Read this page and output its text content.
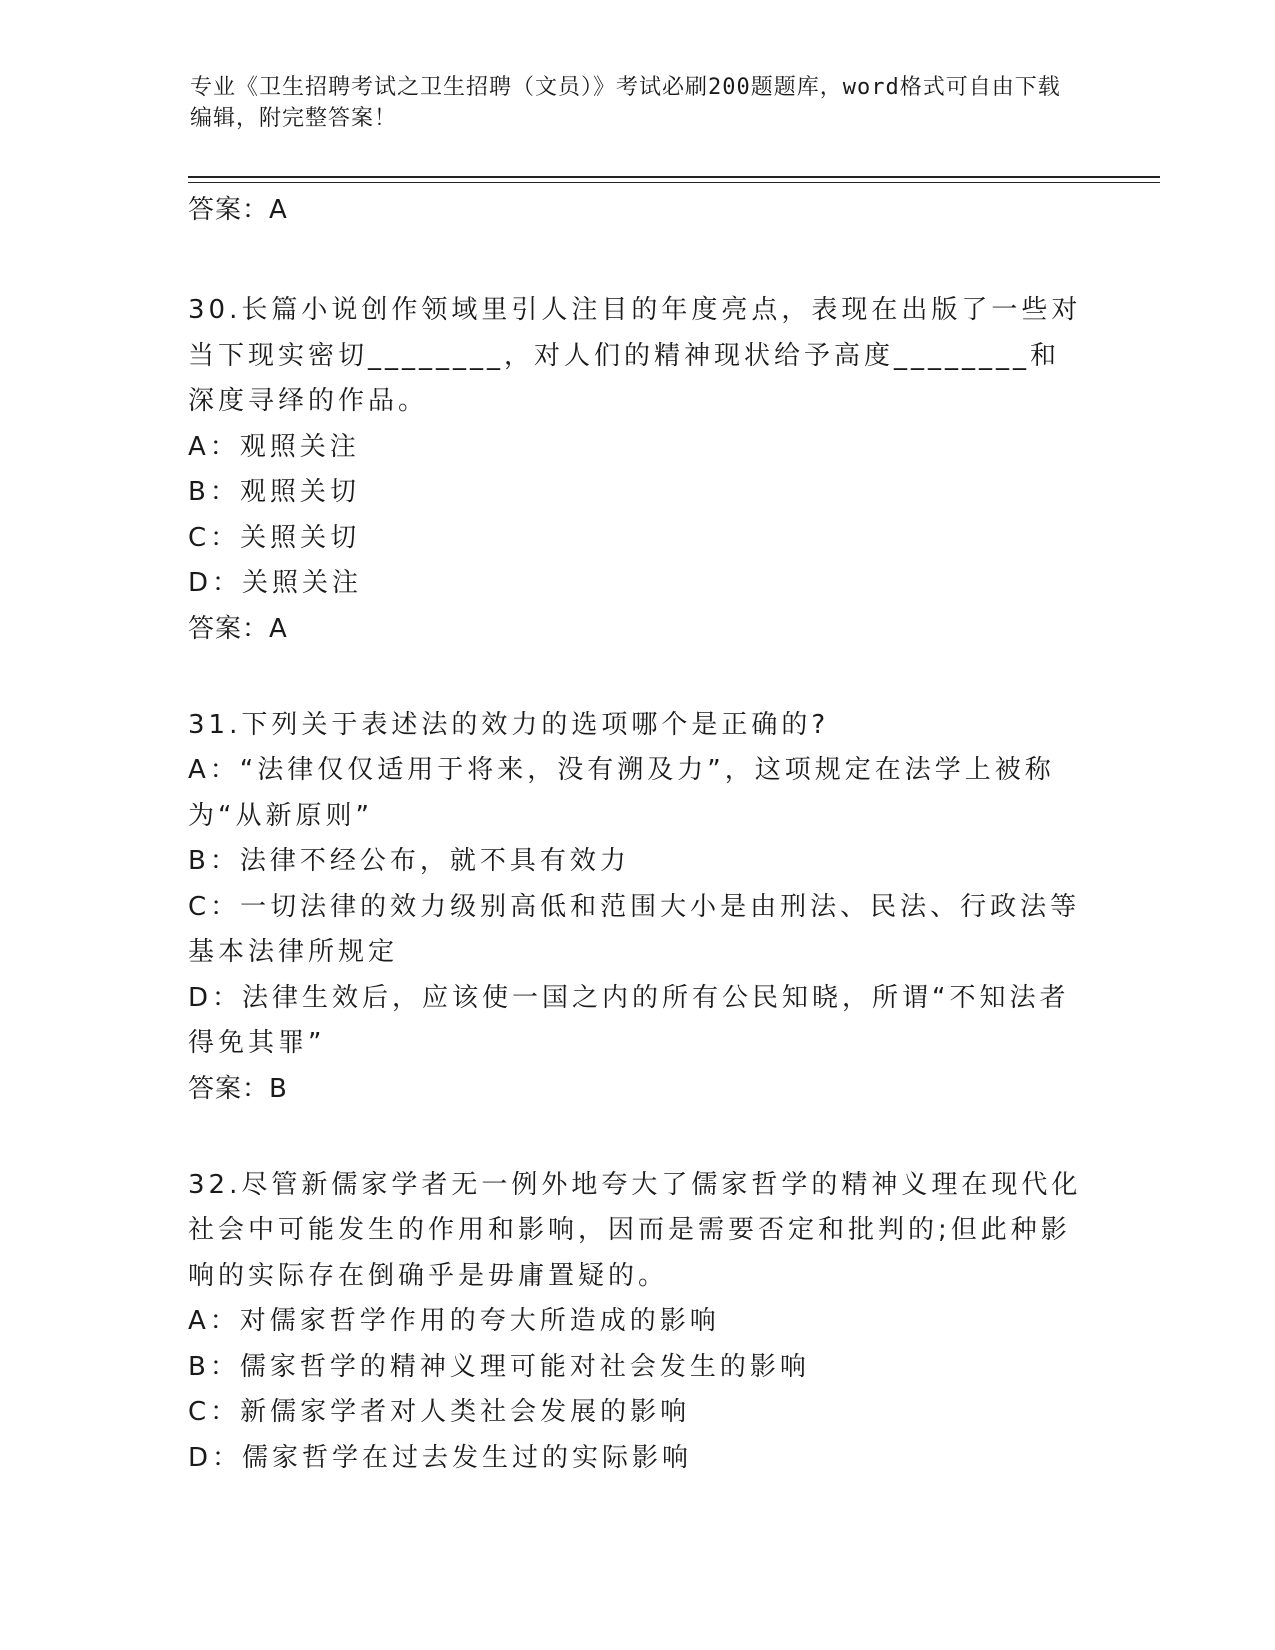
专业《卫生招聘考试之卫生招聘（文员）》考试必刷200题题库，word格式可自由下载编辑，附完整答案！
答案：A
30.长篇小说创作领域里引人注目的年度亮点，表现在出版了一些对当下现实密切________，对人们的精神现状给予高度________和深度寻绎的作品。
A：观照关注
B：观照关切
C：关照关切
D：关照关注
答案：A
31.下列关于表述法的效力的选项哪个是正确的?
A：“法律仅仅适用于将来，没有溯及力”，这项规定在法学上被称为“从新原则”
B：法律不经公布，就不具有效力
C：一切法律的效力级别高低和范围大小是由刑法、民法、行政法等基本法律所规定
D：法律生效后，应该使一国之内的所有公民知晓，所谓“不知法者得免其罪”
答案：B
32.尽管新儒家学者无一例外地夸大了儒家哲学的精神义理在现代化社会中可能发生的作用和影响，因而是需要否定和批判的;但此种影响的实际存在倒确乎是毋庸置疑的。
A：对儒家哲学作用的夸大所造成的影响
B：儒家哲学的精神义理可能对社会发生的影响
C：新儒家学者对人类社会发展的影响
D：儒家哲学在过去发生过的实际影响
